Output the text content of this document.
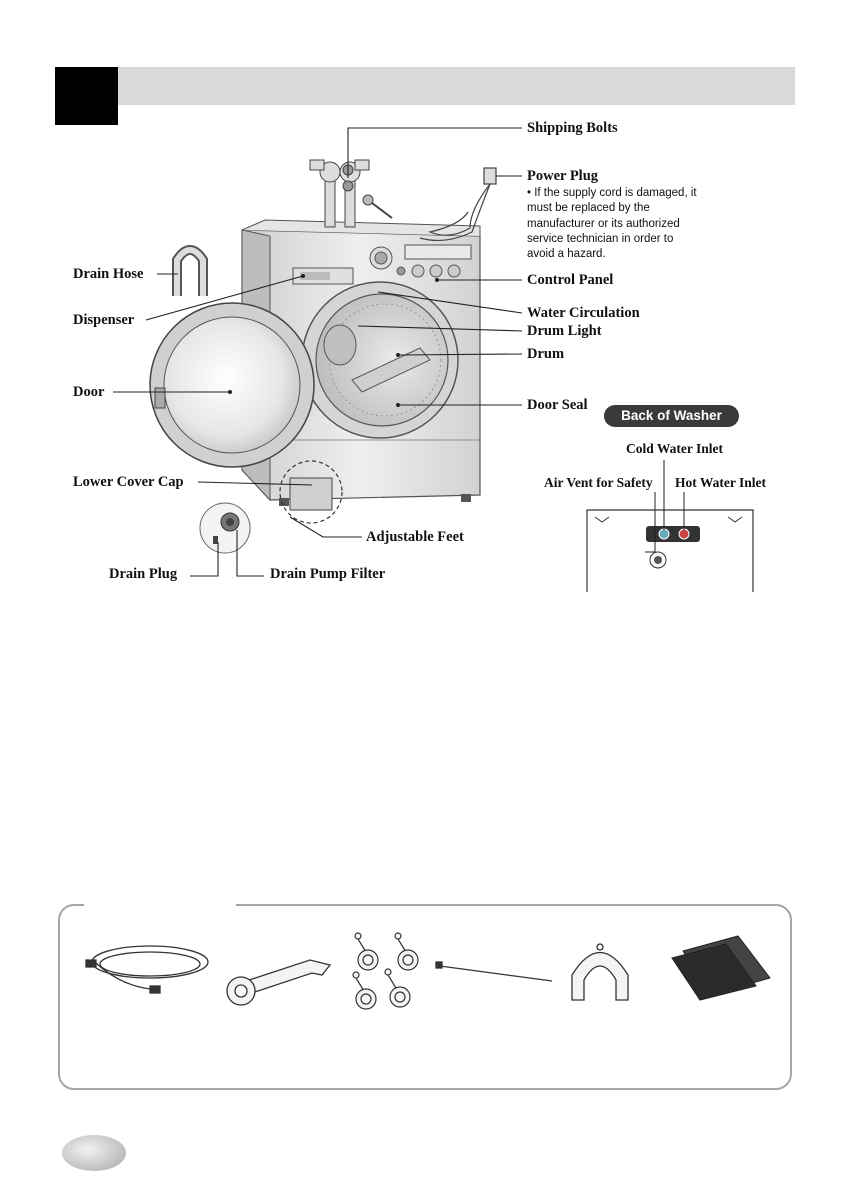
Shipping Bolts
Power Plug
• If the supply cord is damaged, it must be replaced by the manufacturer or its authorized service technician in order to avoid a hazard.
Control Panel
Water Circulation
Drum Light
Drum
Door Seal
Drain Hose
Dispenser
Door
Lower Cover Cap
Adjustable Feet
Drain Plug	Drain Pump Filter
Back of Washer
Cold Water Inlet
Air Vent for Safety Hot Water Inlet
